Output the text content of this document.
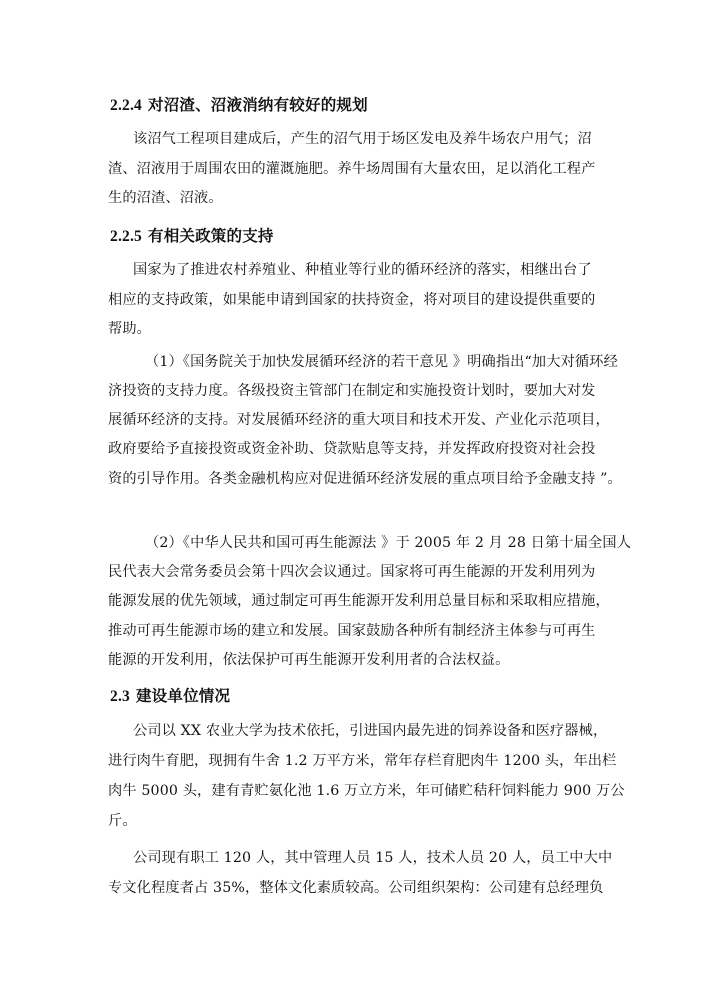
2.2.4 对沼渣、沼液消纳有较好的规划
该沼气工程项目建成后，产生的沼气用于场区发电及养牛场农户用气；沼
渣、沼液用于周围农田的灌溉施肥。养牛场周围有大量农田，足以消化工程产
生的沼渣、沼液。
2.2.5 有相关政策的支持
国家为了推进农村养殖业、种植业等行业的循环经济的落实，相继出台了
相应的支持政策，如果能申请到国家的扶持资金，将对项目的建设提供重要的
帮助。
（1）《国务院关于加快发展循环经济的若干意见 》明确指出“加大对循环经
济投资的支持力度。各级投资主管部门在制定和实施投资计划时，要加大对发
展循环经济的支持。对发展循环经济的重大项目和技术开发、产业化示范项目，
政府要给予直接投资或资金补助、贷款贴息等支持，并发挥政府投资对社会投
资的引导作用。各类金融机构应对促进循环经济发展的重点项目给予金融支持 ”。
（2）《中华人民共和国可再生能源法 》于 2005 年 2 月 28 日第十届全国人
民代表大会常务委员会第十四次会议通过。国家将可再生能源的开发利用列为
能源发展的优先领域，通过制定可再生能源开发利用总量目标和采取相应措施，
推动可再生能源市场的建立和发展。国家鼓励各种所有制经济主体参与可再生
能源的开发利用，依法保护可再生能源开发利用者的合法权益。
2.3 建设单位情况
公司以 XX 农业大学为技术依托，引进国内最先进的饲养设备和医疗器械，
进行肉牛育肥，现拥有牛舍 1.2 万平方米，常年存栏育肥肉牛 1200 头，年出栏
肉牛 5000 头，建有青贮氨化池 1.6 万立方米，年可储贮秸秆饲料能力 900 万公
斤。
公司现有职工 120 人，其中管理人员 15 人，技术人员 20 人，员工中大中
专文化程度者占 35%，整体文化素质较高。公司组织架构：公司建有总经理负
